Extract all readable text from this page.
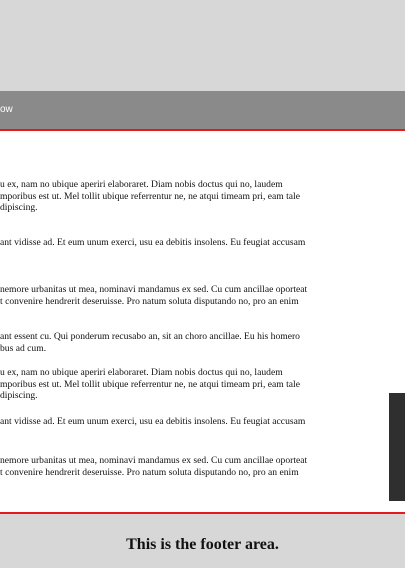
ow

u ex, nam no ubique aperiri elaboraret. Diam nobis doctus qui no, laudem
mporibus est ut. Mel tollit ubique referrentur ne, ne atqui timeam pri, eam tale
dipiscing.

ant vidisse ad. Et eum unum exerci, usu ea debitis insolens. Eu feugiat accusam

nemore urbanitas ut mea, nominavi mandamus ex sed. Cu cum ancillae oporteat
t convenire hendrerit deseruisse. Pro natum soluta disputando no, pro an enim

ant essent cu. Qui ponderum recusabo an, sit an choro ancillae. Eu his homero
bus ad cum.

u ex, nam no ubique aperiri elaboraret. Diam nobis doctus qui no, laudem
mporibus est ut. Mel tollit ubique referrentur ne, ne atqui timeam pri, eam tale
dipiscing.

ant vidisse ad. Et eum unum exerci, usu ea debitis insolens. Eu feugiat accusam

nemore urbanitas ut mea, nominavi mandamus ex sed. Cu cum ancillae oporteat
t convenire hendrerit deseruisse. Pro natum soluta disputando no, pro an enim

This is the footer area.
